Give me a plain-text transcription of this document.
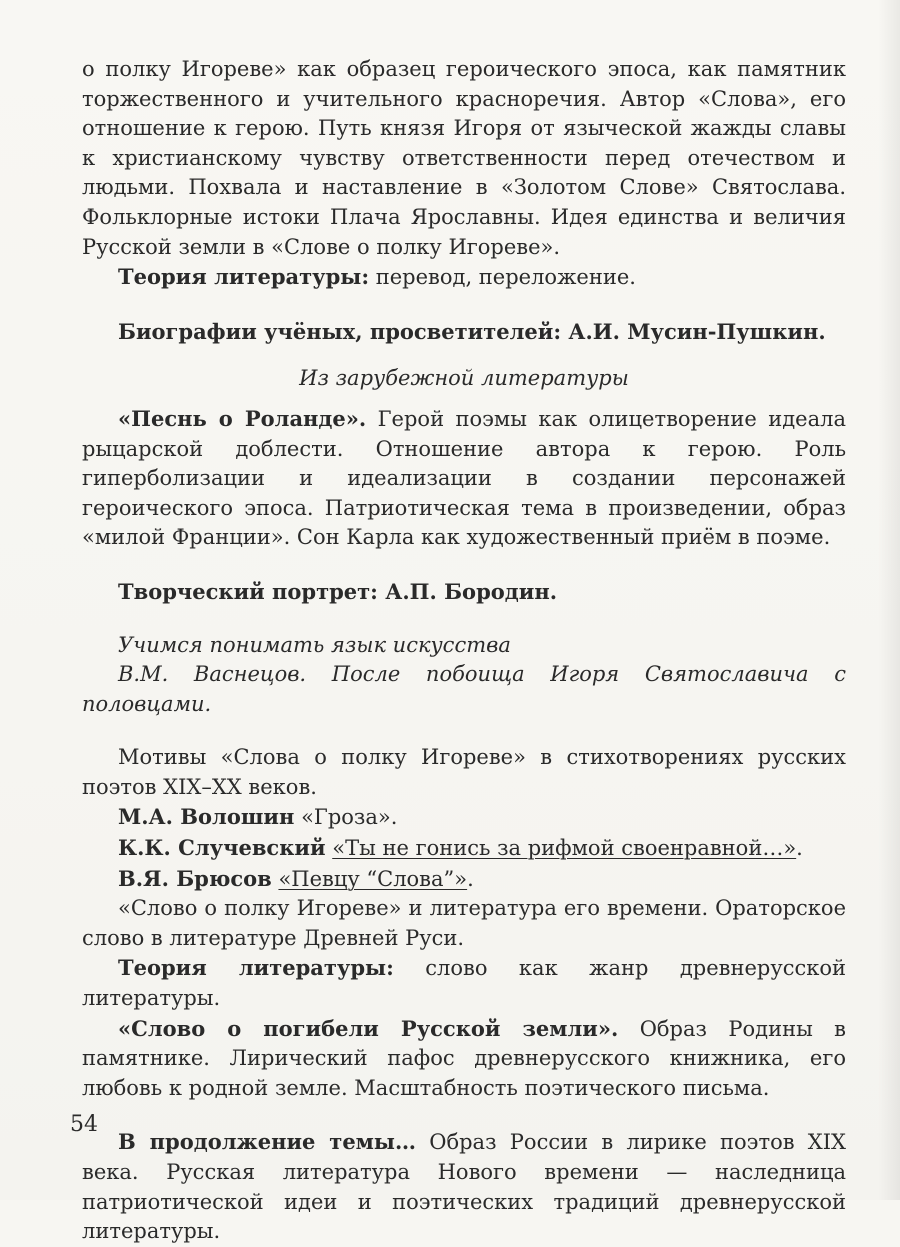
о полку Игореве» как образец героического эпоса, как памятник торжественного и учительного красноречия. Автор «Слова», его отношение к герою. Путь князя Игоря от языческой жажды славы к христианскому чувству ответственности перед отечеством и людьми. Похвала и наставление в «Золотом Слове» Святослава. Фольклорные истоки Плача Ярославны. Идея единства и величия Русской земли в «Слове о полку Игореве».

Теория литературы: перевод, переложение.

Биографии учёных, просветителей: А.И. Мусин-Пушкин.

Из зарубежной литературы

«Песнь о Роланде». Герой поэмы как олицетворение идеала рыцарской доблести. Отношение автора к герою. Роль гиперболизации и идеализации в создании персонажей героического эпоса. Патриотическая тема в произведении, образ «милой Франции». Сон Карла как художественный приём в поэме.

Творческий портрет: А.П. Бородин.

Учимся понимать язык искусства

В.М. Васнецов. После побоища Игоря Святославича с половцами.

Мотивы «Слова о полку Игореве» в стихотворениях русских поэтов XIX–XX веков.

М.А. Волошин «Гроза».

К.К. Случевский «Ты не гонись за рифмой своенравной…».

В.Я. Брюсов «Певцу “Слова”».

«Слово о полку Игореве» и литература его времени. Ораторское слово в литературе Древней Руси.

Теория литературы: слово как жанр древнерусской литературы.

«Слово о погибели Русской земли». Образ Родины в памятнике. Лирический пафос древнерусского книжника, его любовь к родной земле. Масштабность поэтического письма.

В продолжение темы… Образ России в лирике поэтов XIX века. Русская литература Нового времени — наследница патриотической идеи и поэтических традиций древнерусской литературы.

54
